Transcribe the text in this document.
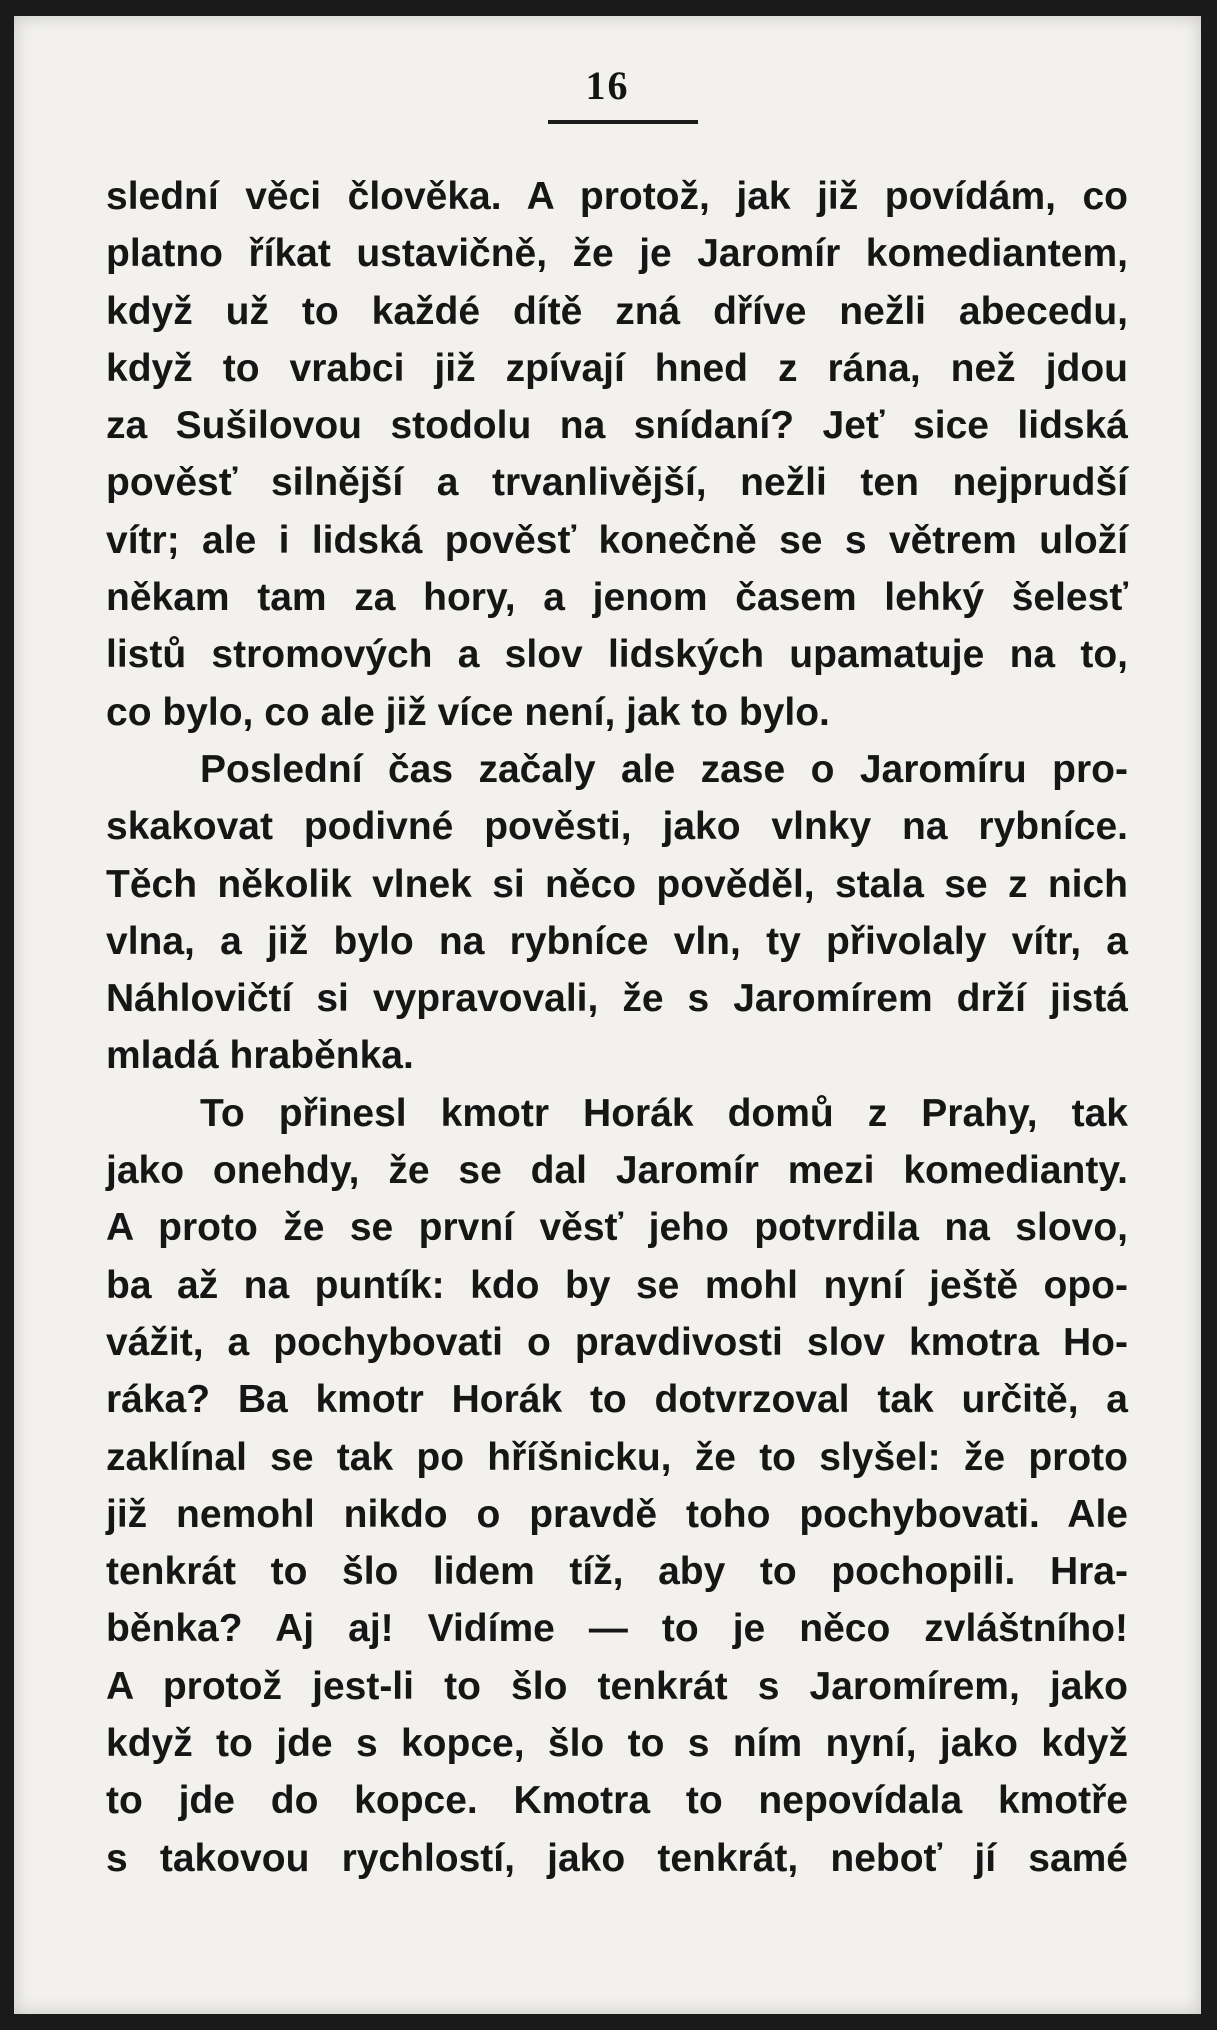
16
slední věci člověka. A protož, jak již povídám, co
platno říkat ustavičně, že je Jaromír komediantem,
když už to každé dítě zná dříve nežli abecedu,
když to vrabci již zpívají hned z rána, než jdou
za Sušilovou stodolu na snídaní? Jeť sice lidská
pověsť silnější a trvanlivější, nežli ten nejprudší
vítr; ale i lidská pověsť konečně se s větrem uloží
někam tam za hory, a jenom časem lehký šelesť
listů stromových a slov lidských upamatuje na to,
co bylo, co ale již více není, jak to bylo.
Poslední čas začaly ale zase o Jaromíru pro-
skakovat podivné pověsti, jako vlnky na rybníce.
Těch několik vlnek si něco pověděl, stala se z nich
vlna, a již bylo na rybníce vln, ty přivolaly vítr, a
Náhlovičtí si vypravovali, že s Jaromírem drží jistá
mladá hraběnka.
To přinesl kmotr Horák domů z Prahy, tak
jako onehdy, že se dal Jaromír mezi komedianty.
A proto že se první věsť jeho potvrdila na slovo,
ba až na puntík: kdo by se mohl nyní ještě opo-
vážit, a pochybovati o pravdivosti slov kmotra Ho-
ráka? Ba kmotr Horák to dotvrzoval tak určitě, a
zaklínal se tak po hříšnicku, že to slyšel: že proto
již nemohl nikdo o pravdě toho pochybovati. Ale
tenkrát to šlo lidem tíž, aby to pochopili. Hra-
běnka? Aj aj! Vidíme — to je něco zvláštního!
A protož jest-li to šlo tenkrát s Jaromírem, jako
když to jde s kopce, šlo to s ním nyní, jako když
to jde do kopce. Kmotra to nepovídala kmotře
s takovou rychlostí, jako tenkrát, neboť jí samé
